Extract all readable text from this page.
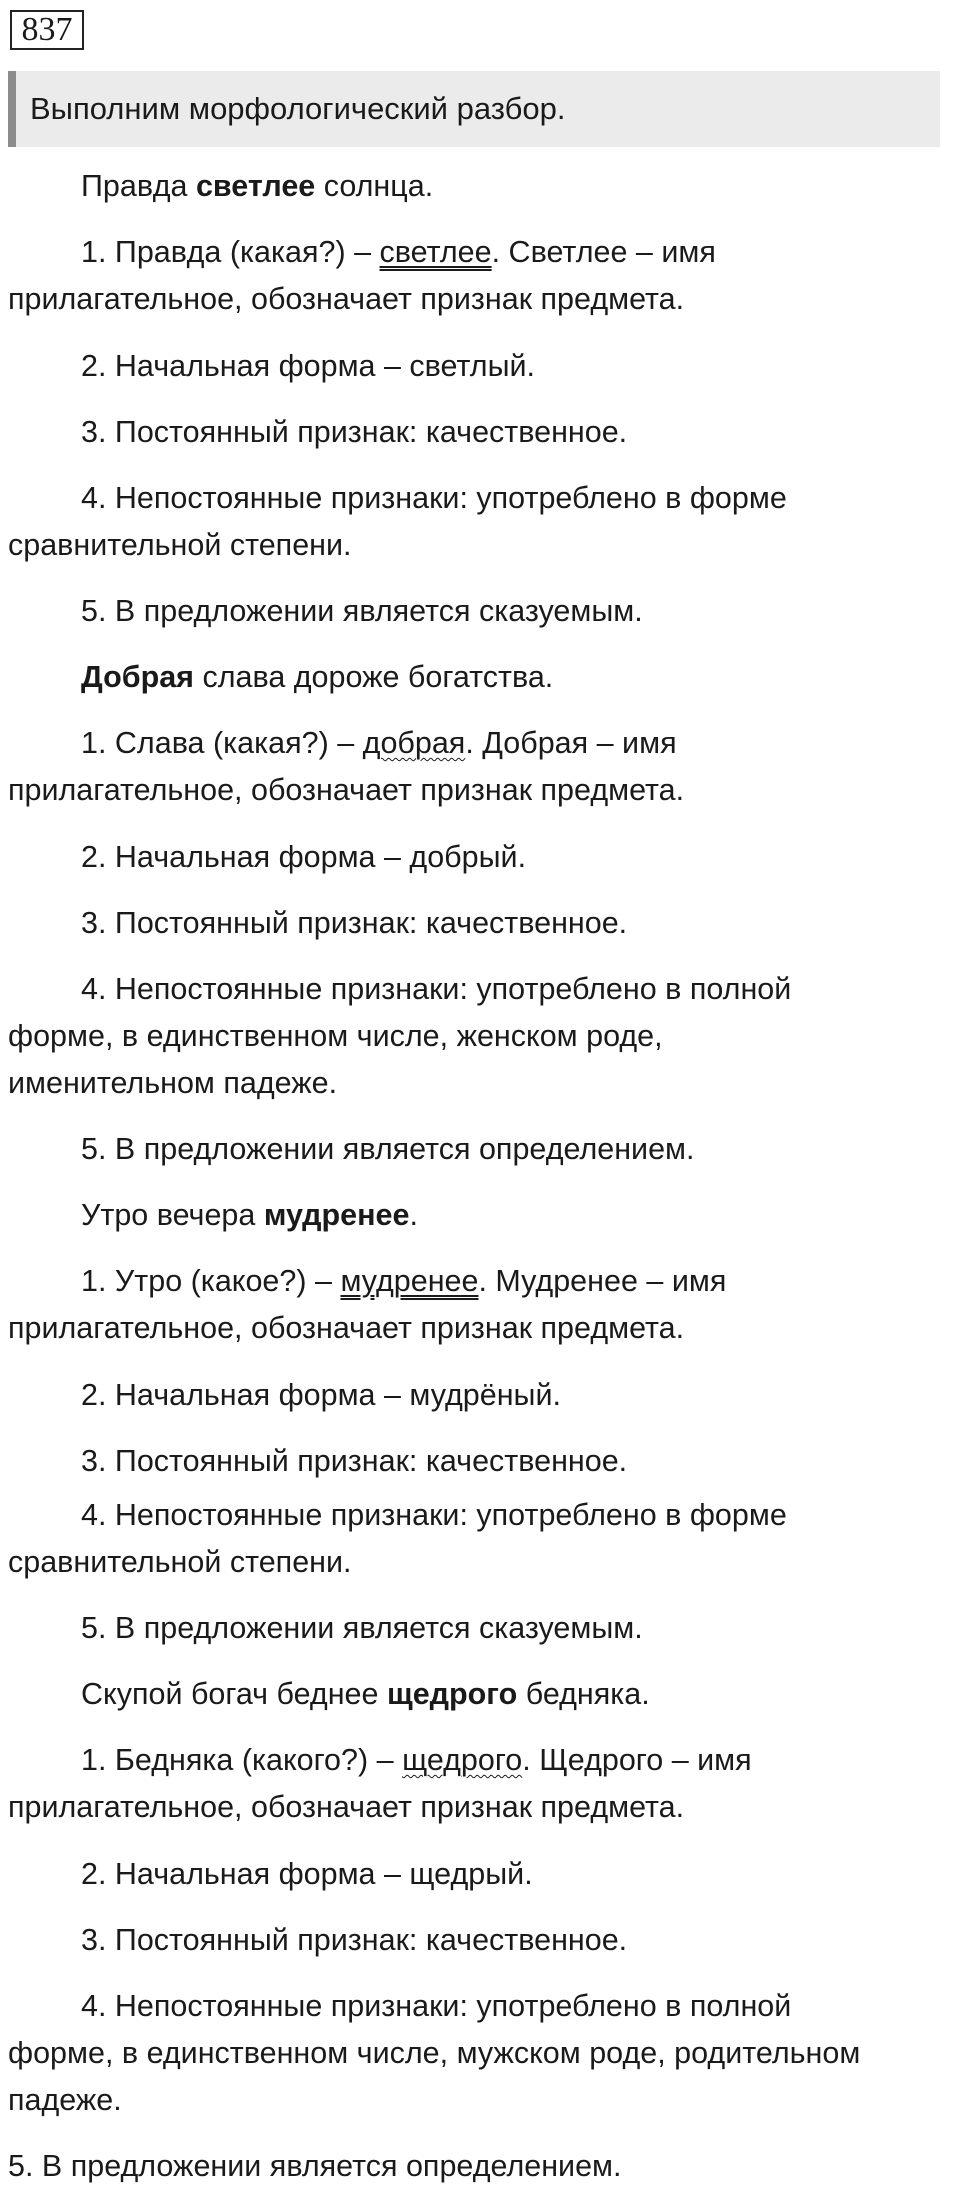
837
Выполним морфологический разбор.
Правда светлее солнца.
1. Правда (какая?) – светлее. Светлее – имя
прилагательное, обозначает признак предмета.
2. Начальная форма – светлый.
3. Постоянный признак: качественное.
4. Непостоянные признаки: употреблено в форме
сравнительной степени.
5. В предложении является сказуемым.
Добрая слава дороже богатства.
1. Слава (какая?) – добрая. Добрая – имя
прилагательное, обозначает признак предмета.
2. Начальная форма – добрый.
3. Постоянный признак: качественное.
4. Непостоянные признаки: употреблено в полной
форме, в единственном числе, женском роде,
именительном падеже.
5. В предложении является определением.
Утро вечера мудренее.
1. Утро (какое?) – мудренее. Мудренее – имя
прилагательное, обозначает признак предмета.
2. Начальная форма – мудрёный.
3. Постоянный признак: качественное.
4. Непостоянные признаки: употреблено в форме
сравнительной степени.
5. В предложении является сказуемым.
Скупой богач беднее щедрого бедняка.
1. Бедняка (какого?) – щедрого. Щедрого – имя
прилагательное, обозначает признак предмета.
2. Начальная форма – щедрый.
3. Постоянный признак: качественное.
4. Непостоянные признаки: употреблено в полной
форме, в единственном числе, мужском роде, родительном
падеже.
5. В предложении является определением.
